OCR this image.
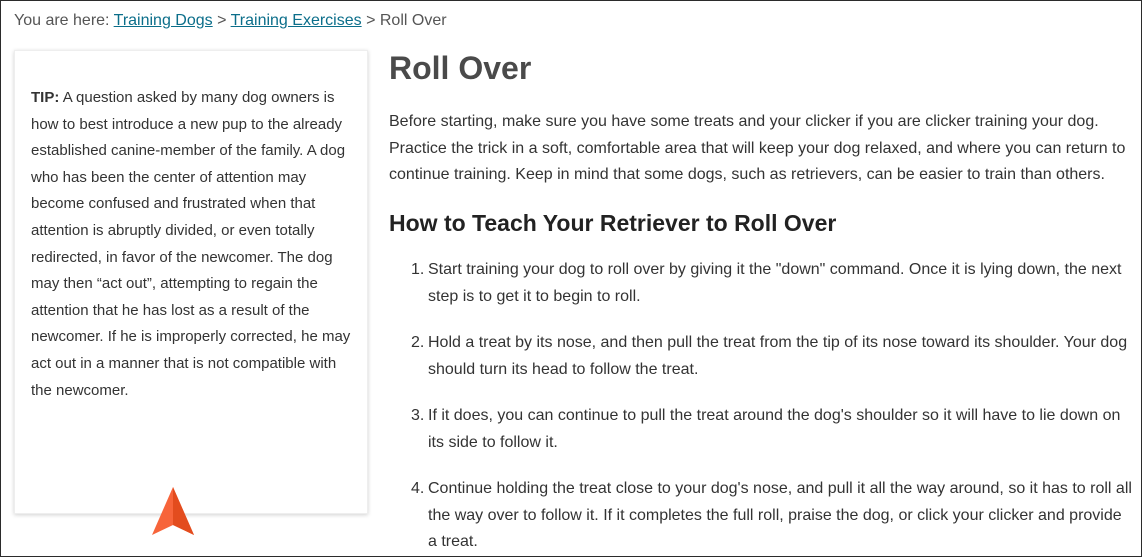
You are here: Training Dogs > Training Exercises > Roll Over
TIP: A question asked by many dog owners is how to best introduce a new pup to the already established canine-member of the family. A dog who has been the center of attention may become confused and frustrated when that attention is abruptly divided, or even totally redirected, in favor of the newcomer. The dog may then “act out”, attempting to regain the attention that he has lost as a result of the newcomer. If he is improperly corrected, he may act out in a manner that is not compatible with the newcomer.
Roll Over

Before starting, make sure you have some treats and your clicker if you are clicker training your dog. Practice the trick in a soft, comfortable area that will keep your dog relaxed, and where you can return to continue training. Keep in mind that some dogs, such as retrievers, can be easier to train than others.

How to Teach Your Retriever to Roll Over
1. Start training your dog to roll over by giving it the "down" command. Once it is lying down, the next step is to get it to begin to roll.
2. Hold a treat by its nose, and then pull the treat from the tip of its nose toward its shoulder. Your dog should turn its head to follow the treat.
3. If it does, you can continue to pull the treat around the dog's shoulder so it will have to lie down on its side to follow it.
4. Continue holding the treat close to your dog's nose, and pull it all the way around, so it has to roll all the way over to follow it. If it completes the full roll, praise the dog, or click your clicker and provide a treat.
